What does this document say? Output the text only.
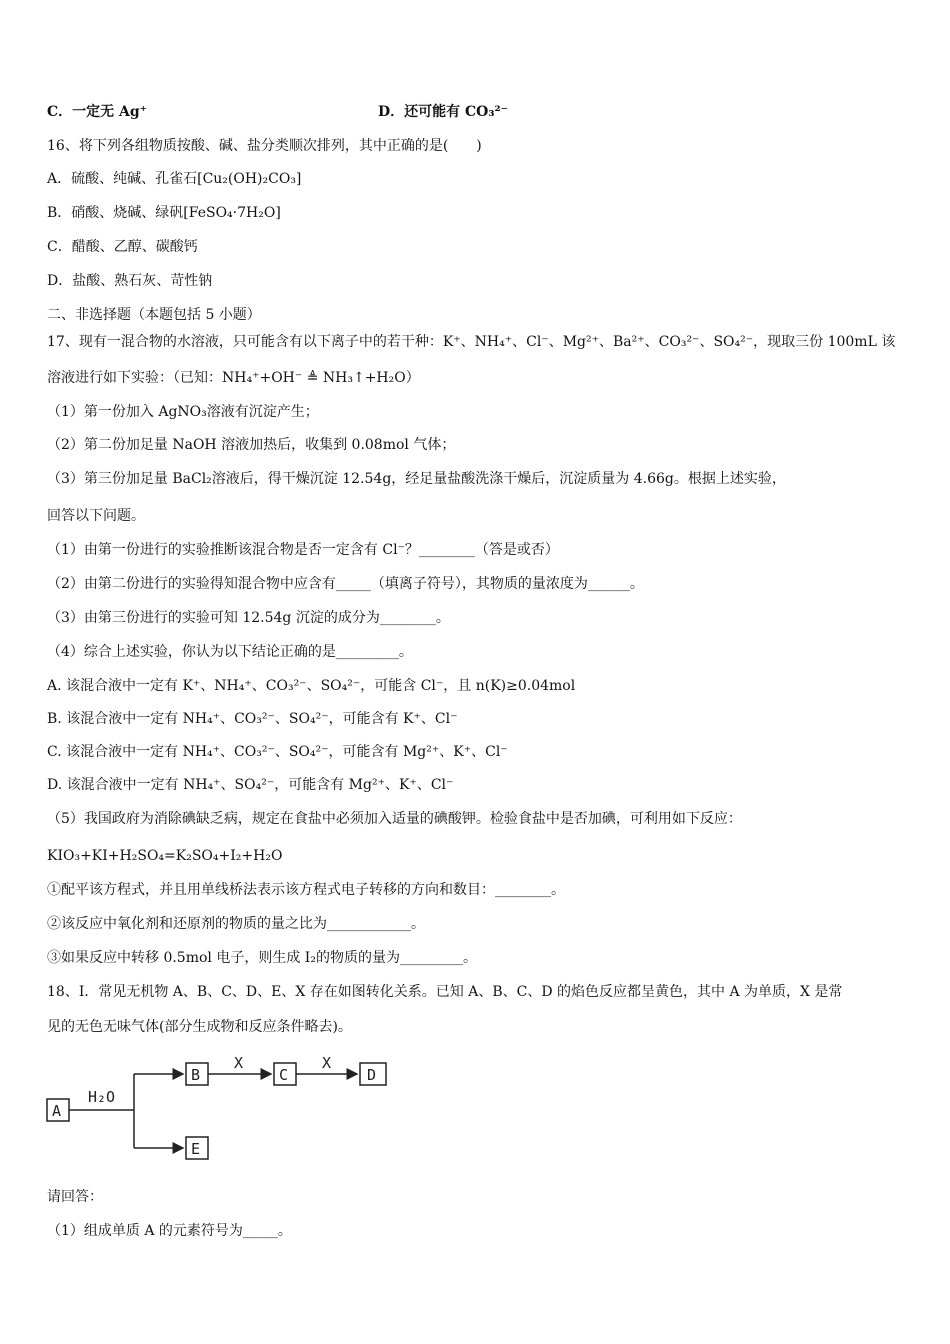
C．一定无 Ag⁺	D．还可能有 CO₃²⁻
16、将下列各组物质按酸、碱、盐分类顺次排列，其中正确的是(　　)
A．硫酸、纯碱、孔雀石[Cu₂(OH)₂CO₃]
B．硝酸、烧碱、绿矾[FeSO₄·7H₂O]
C．醋酸、乙醇、碳酸钙
D．盐酸、熟石灰、苛性钠
二、非选择题（本题包括 5 小题）
17、现有一混合物的水溶液，只可能含有以下离子中的若干种：K⁺、NH₄⁺、Cl⁻、Mg²⁺、Ba²⁺、CO₃²⁻、SO₄²⁻，现取三份 100mL 该
溶液进行如下实验：（已知：NH₄⁺+OH⁻ ≜ NH₃↑+H₂O）
（1）第一份加入 AgNO₃溶液有沉淀产生；
（2）第二份加足量 NaOH 溶液加热后，收集到 0.08mol 气体；
（3）第三份加足量 BaCl₂溶液后，得干燥沉淀 12.54g，经足量盐酸洗涤干燥后，沉淀质量为 4.66g。根据上述实验，
回答以下问题。
（1）由第一份进行的实验推断该混合物是否一定含有 Cl⁻？________（答是或否）
（2）由第二份进行的实验得知混合物中应含有_____（填离子符号），其物质的量浓度为______。
（3）由第三份进行的实验可知 12.54g 沉淀的成分为________。
（4）综合上述实验，你认为以下结论正确的是_________。
A. 该混合液中一定有 K⁺、NH₄⁺、CO₃²⁻、SO₄²⁻，可能含 Cl⁻，且 n(K)≥0.04mol
B. 该混合液中一定有 NH₄⁺、CO₃²⁻、SO₄²⁻，可能含有 K⁺、Cl⁻
C. 该混合液中一定有 NH₄⁺、CO₃²⁻、SO₄²⁻，可能含有 Mg²⁺、K⁺、Cl⁻
D. 该混合液中一定有 NH₄⁺、SO₄²⁻，可能含有 Mg²⁺、K⁺、Cl⁻
（5）我国政府为消除碘缺乏病，规定在食盐中必须加入适量的碘酸钾。检验食盐中是否加碘，可利用如下反应：
KIO₃+KI+H₂SO₄=K₂SO₄+I₂+H₂O
①配平该方程式，并且用单线桥法表示该方程式电子转移的方向和数目：________。
②该反应中氧化剂和还原剂的物质的量之比为____________。
③如果反应中转移 0.5mol 电子，则生成 I₂的物质的量为_________。
18、I．常见无机物 A、B、C、D、E、X 存在如图转化关系。已知 A、B、C、D 的焰色反应都呈黄色，其中 A 为单质，X 是常
见的无色无味气体(部分生成物和反应条件略去)。
A
H₂O
B
X
C
X
D
E
请回答：
（1）组成单质 A 的元素符号为_____。
